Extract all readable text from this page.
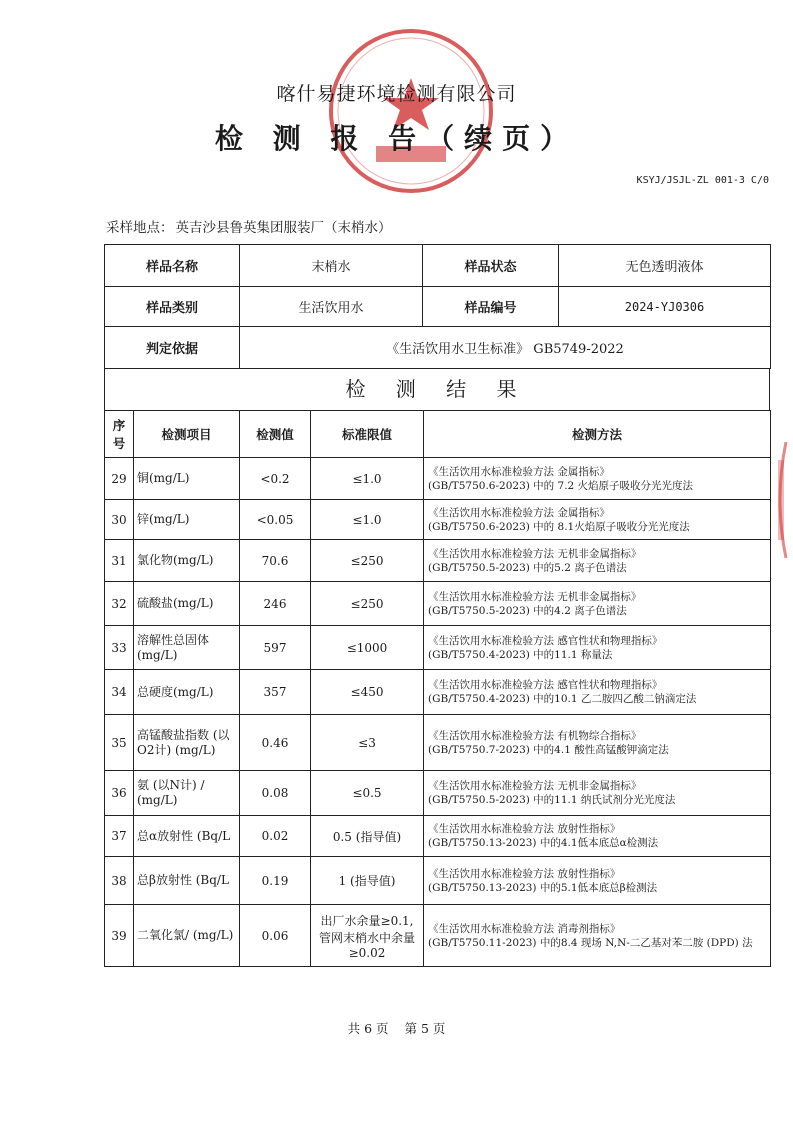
喀什易捷环境检测有限公司
检 测 报 告（续页）
KSYJ/JSJL-ZL 001-3 C/0
采样地点： 英吉沙县鲁英集团服装厂（末梢水）
样品名称	末梢水	样品状态	无色透明液体
样品类别	生活饮用水	样品编号	2024-YJ0306
判定依据	《生活饮用水卫生标准》 GB5749-2022		
检 测 结 果
序号	检测项目	检测值	标准限值	检测方法
29	铜(mg/L)	<0.2	≤1.0	《生活饮用水标准检验方法 金属指标》
(GB/T5750.6-2023) 中的 7.2 火焰原子吸收分光光度法

30	锌(mg/L)	<0.05	≤1.0	《生活饮用水标准检验方法 金属指标》
(GB/T5750.6-2023) 中的 8.1火焰原子吸收分光光度法

31	氯化物(mg/L)	70.6	≤250	《生活饮用水标准检验方法 无机非金属指标》
(GB/T5750.5-2023) 中的5.2 离子色谱法

32	硫酸盐(mg/L)	246	≤250	《生活饮用水标准检验方法 无机非金属指标》
(GB/T5750.5-2023) 中的4.2 离子色谱法

33	溶解性总固体 (mg/L)	597	≤1000	《生活饮用水标准检验方法 感官性状和物理指标》
(GB/T5750.4-2023) 中的11.1 称量法

34	总硬度(mg/L)	357	≤450	《生活饮用水标准检验方法 感官性状和物理指标》
(GB/T5750.4-2023) 中的10.1 乙二胺四乙酸二钠滴定法

35	高锰酸盐指数 (以O2计) (mg/L)	0.46	≤3	《生活饮用水标准检验方法 有机物综合指标》
(GB/T5750.7-2023) 中的4.1 酸性高锰酸钾滴定法

36	氨 (以N计) / (mg/L)	0.08	≤0.5	《生活饮用水标准检验方法 无机非金属指标》
(GB/T5750.5-2023) 中的11.1 纳氏试剂分光光度法

37	总α放射性 (Bq/L	0.02	0.5 (指导值)	《生活饮用水标准检验方法 放射性指标》
(GB/T5750.13-2023) 中的4.1低本底总α检测法

38	总β放射性 (Bq/L	0.19	1 (指导值)	《生活饮用水标准检验方法 放射性指标》
(GB/T5750.13-2023) 中的5.1低本底总β检测法

39	二氧化氯/ (mg/L)	0.06	出厂水余量≥0.1, 管网末梢水中余量≥0.02	《生活饮用水标准检验方法 消毒剂指标》
(GB/T5750.11-2023) 中的8.4 现场 N,N-二乙基对苯二胺 (DPD) 法
共 6 页 第 5 页
